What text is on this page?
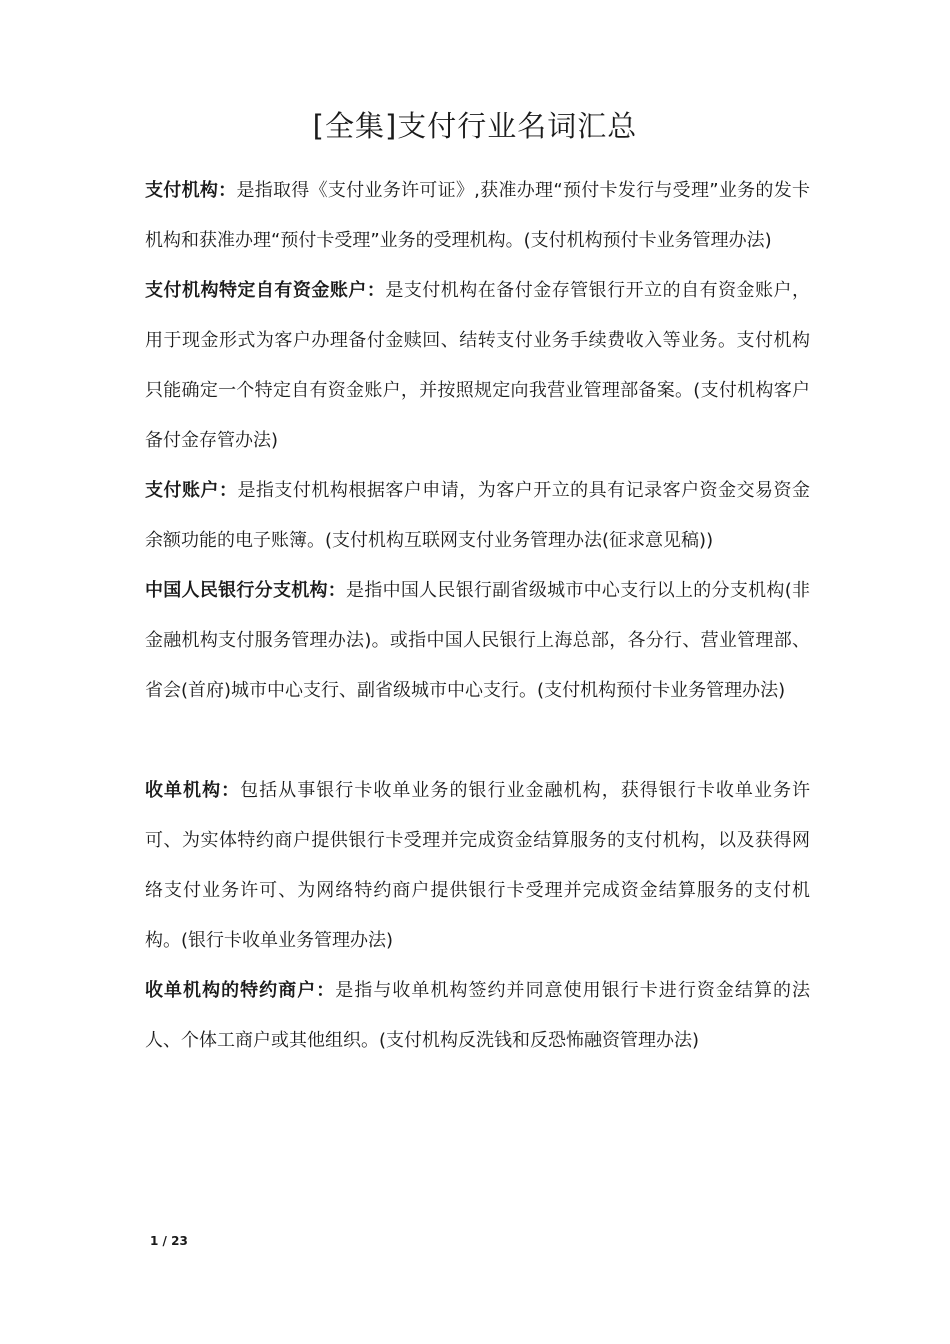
[全集]支付行业名词汇总

支付机构：是指取得《支付业务许可证》,获准办理“预付卡发行与受理”业务的发卡机构和获准办理“预付卡受理”业务的受理机构。(支付机构预付卡业务管理办法)

支付机构特定自有资金账户：是支付机构在备付金存管银行开立的自有资金账户，用于现金形式为客户办理备付金赎回、结转支付业务手续费收入等业务。支付机构只能确定一个特定自有资金账户，并按照规定向我营业管理部备案。(支付机构客户备付金存管办法)

支付账户：是指支付机构根据客户申请，为客户开立的具有记录客户资金交易资金余额功能的电子账簿。(支付机构互联网支付业务管理办法(征求意见稿))

中国人民银行分支机构：是指中国人民银行副省级城市中心支行以上的分支机构(非金融机构支付服务管理办法)。或指中国人民银行上海总部，各分行、营业管理部、省会(首府)城市中心支行、副省级城市中心支行。(支付机构预付卡业务管理办法)

收单机构：包括从事银行卡收单业务的银行业金融机构，获得银行卡收单业务许可、为实体特约商户提供银行卡受理并完成资金结算服务的支付机构，以及获得网络支付业务许可、为网络特约商户提供银行卡受理并完成资金结算服务的支付机构。(银行卡收单业务管理办法)

收单机构的特约商户：是指与收单机构签约并同意使用银行卡进行资金结算的法人、个体工商户或其他组织。(支付机构反洗钱和反恐怖融资管理办法)

1 / 23
